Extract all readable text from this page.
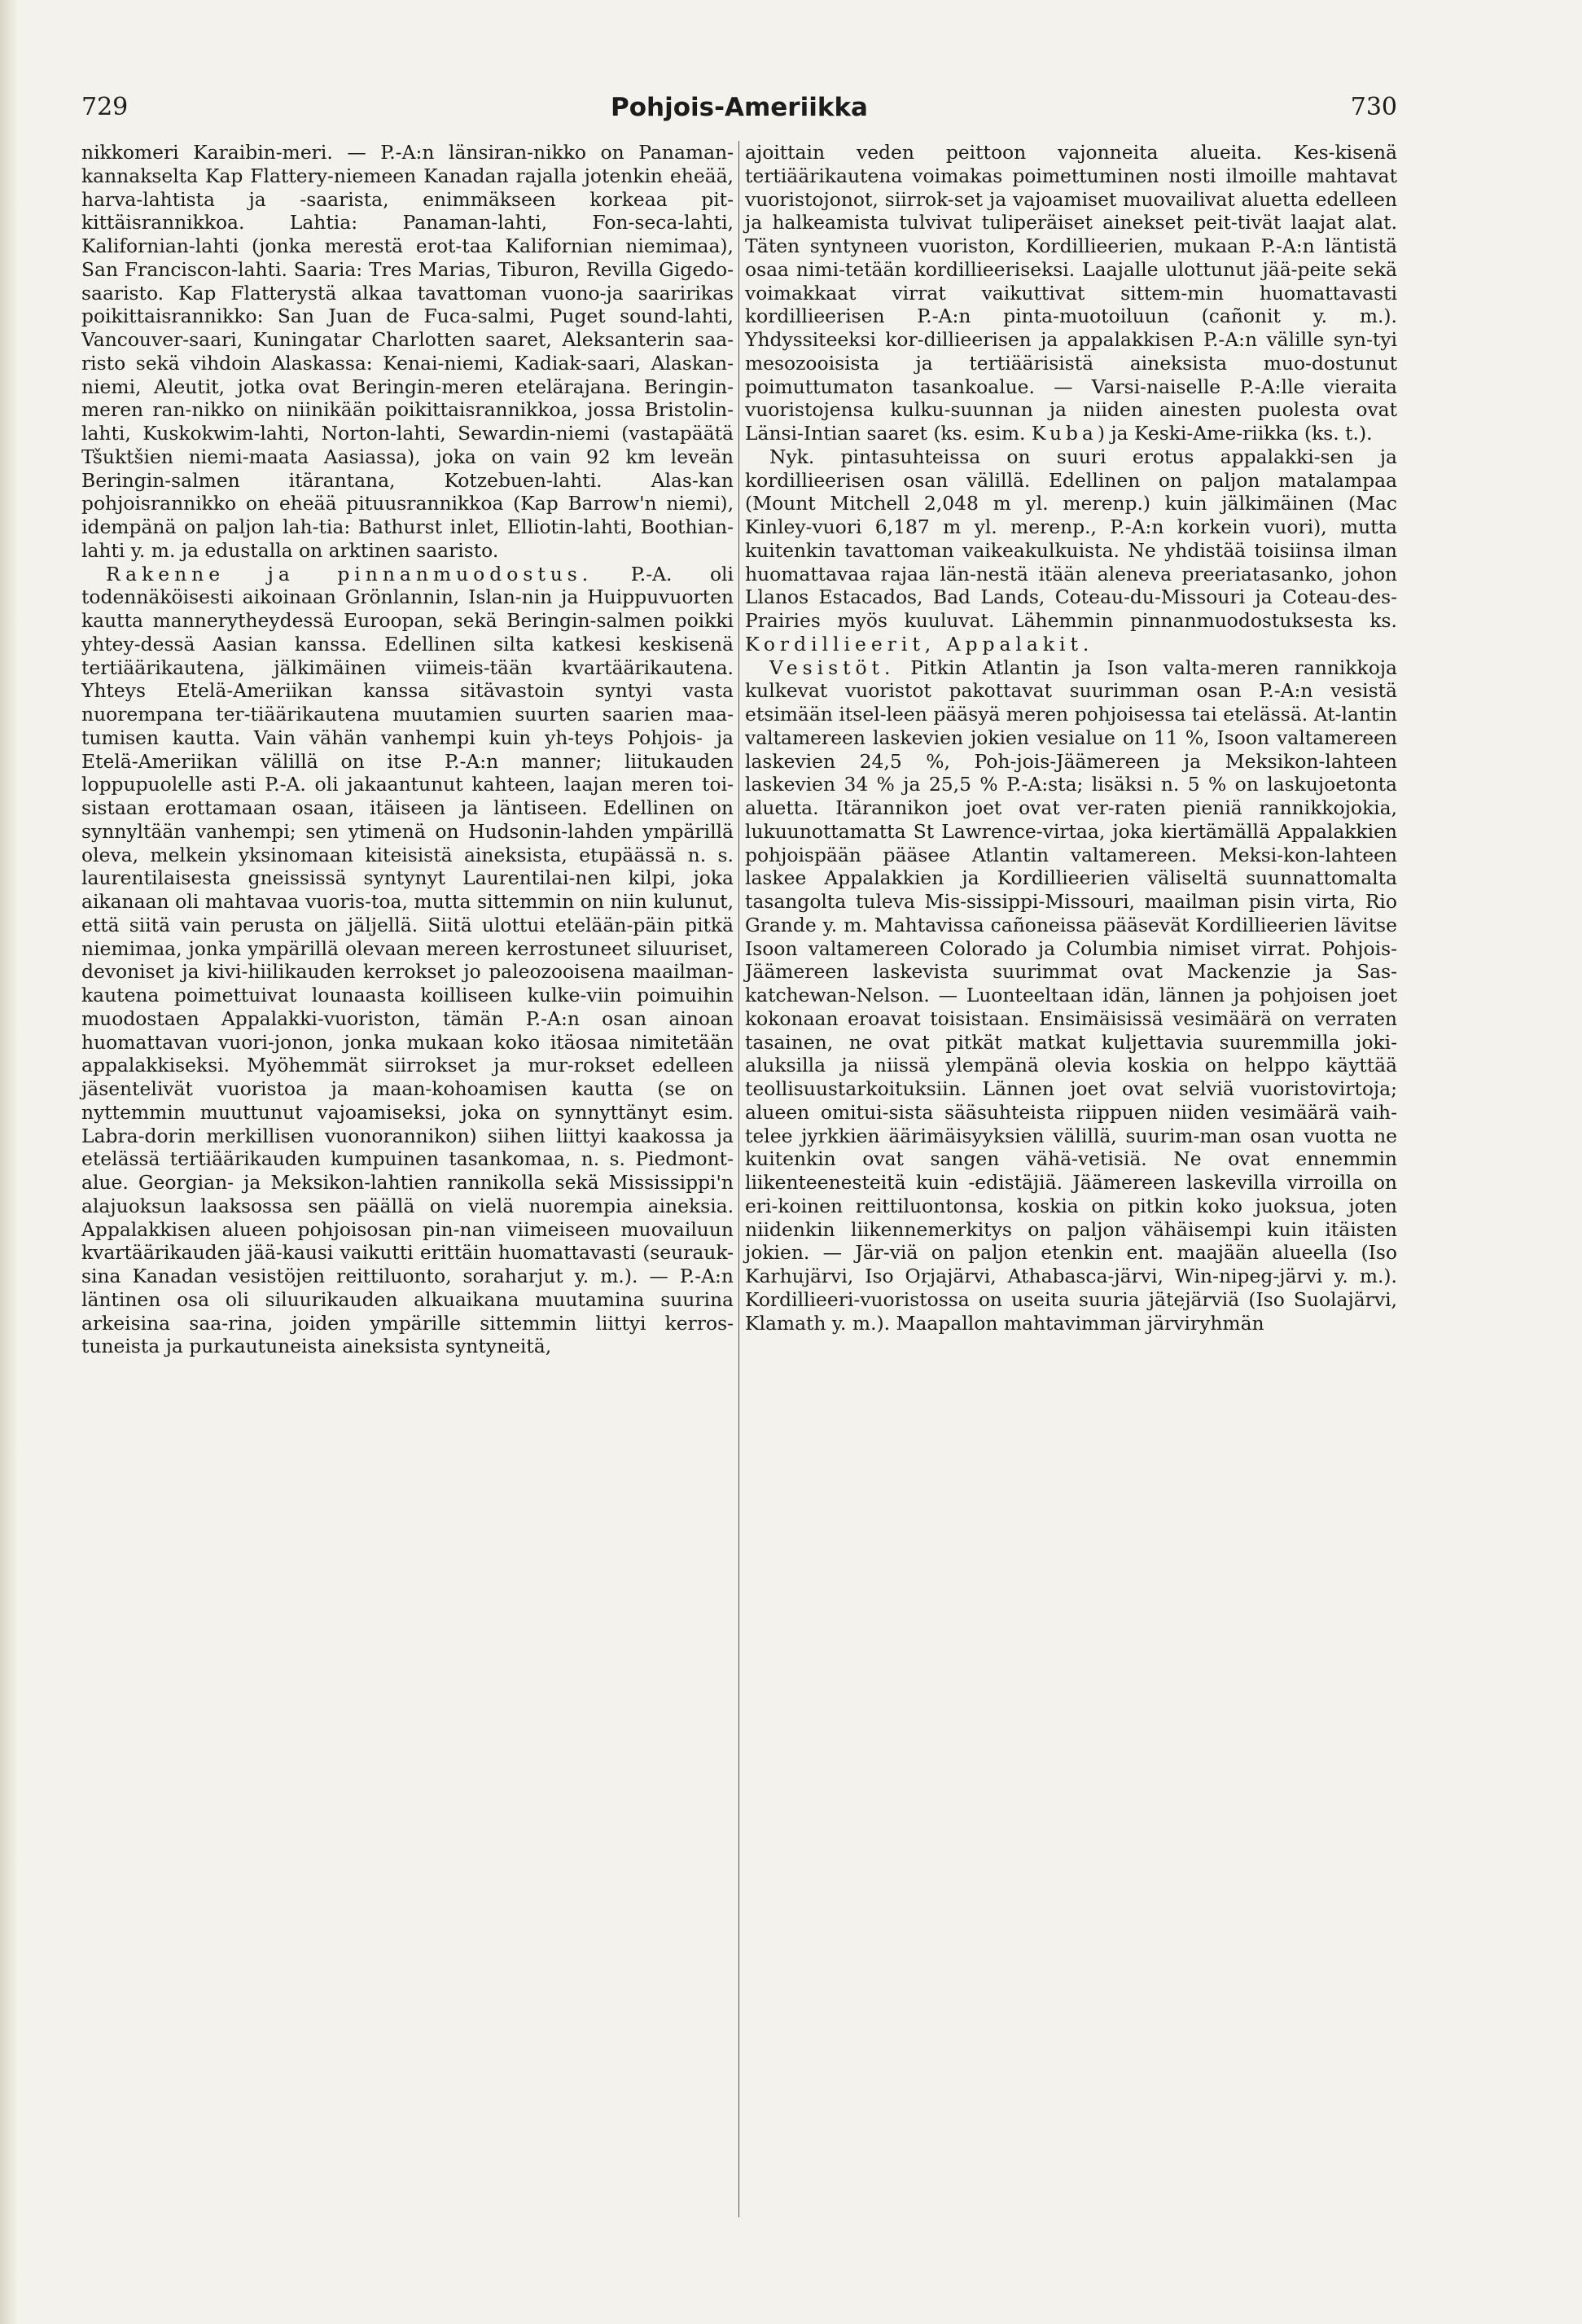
729	Pohjois-Ameriikka	730

nikkomeri Karaibin-meri. — P.-A:n länsiran-nikko on Panaman-kannakselta Kap Flattery-niemeen Kanadan rajalla jotenkin eheää, harva-lahtista ja -saarista, enimmäkseen korkeaa pit-kittäisrannikkoa. Lahtia: Panaman-lahti, Fon-seca-lahti, Kalifornian-lahti (jonka merestä erot-taa Kalifornian niemimaa), San Franciscon-lahti. Saaria: Tres Marias, Tiburon, Revilla Gigedo-saaristo. Kap Flatterystä alkaa tavattoman vuono-ja saaririkas poikittaisrannikko: San Juan de Fuca-salmi, Puget sound-lahti, Vancouver-saari, Kuningatar Charlotten saaret, Aleksanterin saa-risto sekä vihdoin Alaskassa: Kenai-niemi, Kadiak-saari, Alaskan-niemi, Aleutit, jotka ovat Beringin-meren etelärajana. Beringin-meren ran-nikko on niinikään poikittaisrannikkoa, jossa Bristolin-lahti, Kuskokwim-lahti, Norton-lahti, Sewardin-niemi (vastapäätä Tšuktšien niemi-maata Aasiassa), joka on vain 92 km leveän Beringin-salmen itärantana, Kotzebuen-lahti. Alas-kan pohjoisrannikko on eheää pituusrannikkoa (Kap Barrow'n niemi), idempänä on paljon lah-tia: Bathurst inlet, Elliotin-lahti, Boothian-lahti y. m. ja edustalla on arktinen saaristo.

Rakenne ja pinnanmuodostus. P.-A. oli todennäköisesti aikoinaan Grönlannin, Islan-nin ja Huippuvuorten kautta mannerytheydessä Euroopan, sekä Beringin-salmen poikki yhtey-dessä Aasian kanssa. Edellinen silta katkesi keskisenä tertiäärikautena, jälkimäinen viimeis-tään kvartäärikautena. Yhteys Etelä-Ameriikan kanssa sitävastoin syntyi vasta nuorempana ter-tiäärikautena muutamien suurten saarien maa-tumisen kautta. Vain vähän vanhempi kuin yh-teys Pohjois- ja Etelä-Ameriikan välillä on itse P.-A:n manner; liitukauden loppupuolelle asti P.-A. oli jakaantunut kahteen, laajan meren toi-sistaan erottamaan osaan, itäiseen ja läntiseen. Edellinen on synnyltään vanhempi; sen ytimenä on Hudsonin-lahden ympärillä oleva, melkein yksinomaan kiteisistä aineksista, etupäässä n. s. laurentilaisesta gneississä syntynyt Laurentilai-nen kilpi, joka aikanaan oli mahtavaa vuoris-toa, mutta sittemmin on niin kulunut, että siitä vain perusta on jäljellä. Siitä ulottui etelään-päin pitkä niemimaa, jonka ympärillä olevaan mereen kerrostuneet siluuriset, devoniset ja kivi-hiilikauden kerrokset jo paleozooisena maailman-kautena poimettuivat lounaasta koilliseen kulke-viin poimuihin muodostaen Appalakki-vuoriston, tämän P.-A:n osan ainoan huomattavan vuori-jonon, jonka mukaan koko itäosaa nimitetään appalakkiseksi. Myöhemmät siirrokset ja mur-rokset edelleen jäsentelivät vuoristoa ja maan-kohoamisen kautta (se on nyttemmin muuttunut vajoamiseksi, joka on synnyttänyt esim. Labra-dorin merkillisen vuonorannikon) siihen liittyi kaakossa ja etelässä tertiäärikauden kumpuinen tasankomaa, n. s. Piedmont-alue. Georgian- ja Meksikon-lahtien rannikolla sekä Mississippi'n alajuoksun laaksossa sen päällä on vielä nuorempia aineksia. Appalakkisen alueen pohjoisosan pin-nan viimeiseen muovailuun kvartäärikauden jää-kausi vaikutti erittäin huomattavasti (seurauk-sina Kanadan vesistöjen reittiluonto, soraharjut y. m.). — P.-A:n läntinen osa oli siluurikauden alkuaikana muutamina suurina arkeisina saa-rina, joiden ympärille sittemmin liittyi kerros-tuneista ja purkautuneista aineksista syntyneitä,

ajoittain veden peittoon vajonneita alueita. Kes-kisenä tertiäärikautena voimakas poimettuminen nosti ilmoille mahtavat vuoristojonot, siirrok-set ja vajoamiset muovailivat aluetta edelleen ja halkeamista tulvivat tuliperäiset ainekset peit-tivät laajat alat. Täten syntyneen vuoriston, Kordillieerien, mukaan P.-A:n läntistä osaa nimi-tetään kordillieeriseksi. Laajalle ulottunut jää-peite sekä voimakkaat virrat vaikuttivat sittem-min huomattavasti kordillieerisen P.-A:n pinta-muotoiluun (cañonit y. m.). Yhdyssiteeksi kor-dillieerisen ja appalakkisen P.-A:n välille syn-tyi mesozooisista ja tertiäärisistä aineksista muo-dostunut poimuttumaton tasankoalue. — Varsi-naiselle P.-A:lle vieraita vuoristojensa kulku-suunnan ja niiden ainesten puolesta ovat Länsi-Intian saaret (ks. esim. Kuba) ja Keski-Ame-riikka (ks. t.).

Nyk. pintasuhteissa on suuri erotus appalakki-sen ja kordillieerisen osan välillä. Edellinen on paljon matalampaa (Mount Mitchell 2,048 m yl. merenp.) kuin jälkimäinen (Mac Kinley-vuori 6,187 m yl. merenp., P.-A:n korkein vuori), mutta kuitenkin tavattoman vaikeakulkuista. Ne yhdistää toisiinsa ilman huomattavaa rajaa län-nestä itään aleneva preeriatasanko, johon Llanos Estacados, Bad Lands, Coteau-du-Missouri ja Coteau-des-Prairies myös kuuluvat. Lähemmin pinnanmuodostuksesta ks. Kordillieerit, Appalakit.

Vesistöt. Pitkin Atlantin ja Ison valta-meren rannikkoja kulkevat vuoristot pakottavat suurimman osan P.-A:n vesistä etsimään itsel-leen pääsyä meren pohjoisessa tai etelässä. At-lantin valtamereen laskevien jokien vesialue on 11 %, Isoon valtamereen laskevien 24,5 %, Poh-jois-Jäämereen ja Meksikon-lahteen laskevien 34 % ja 25,5 % P.-A:sta; lisäksi n. 5 % on laskujoetonta aluetta. Itärannikon joet ovat ver-raten pieniä rannikkojokia, lukuunottamatta St Lawrence-virtaa, joka kiertämällä Appalakkien pohjoispään pääsee Atlantin valtamereen. Meksi-kon-lahteen laskee Appalakkien ja Kordillieerien väliseltä suunnattomalta tasangolta tuleva Mis-sissippi-Missouri, maailman pisin virta, Rio Grande y. m. Mahtavissa cañoneissa pääsevät Kordillieerien lävitse Isoon valtamereen Colorado ja Columbia nimiset virrat. Pohjois-Jäämereen laskevista suurimmat ovat Mackenzie ja Sas-katchewan-Nelson. — Luonteeltaan idän, lännen ja pohjoisen joet kokonaan eroavat toisistaan. Ensimäisissä vesimäärä on verraten tasainen, ne ovat pitkät matkat kuljettavia suuremmilla joki-aluksilla ja niissä ylempänä olevia koskia on helppo käyttää teollisuustarkoituksiin. Lännen joet ovat selviä vuoristovirtoja; alueen omitui-sista sääsuhteista riippuen niiden vesimäärä vaih-telee jyrkkien äärimäisyyksien välillä, suurim-man osan vuotta ne kuitenkin ovat sangen vähä-vetisiä. Ne ovat ennemmin liikenteenesteitä kuin -edistäjiä. Jäämereen laskevilla virroilla on eri-koinen reittiluontonsa, koskia on pitkin koko juoksua, joten niidenkin liikennemerkitys on paljon vähäisempi kuin itäisten jokien. — Jär-viä on paljon etenkin ent. maajään alueella (Iso Karhujärvi, Iso Orjajärvi, Athabasca-järvi, Win-nipeg-järvi y. m.). Kordillieeri-vuoristossa on useita suuria jätejärviä (Iso Suolajärvi, Klamath y. m.). Maapallon mahtavimman järviryhmän
